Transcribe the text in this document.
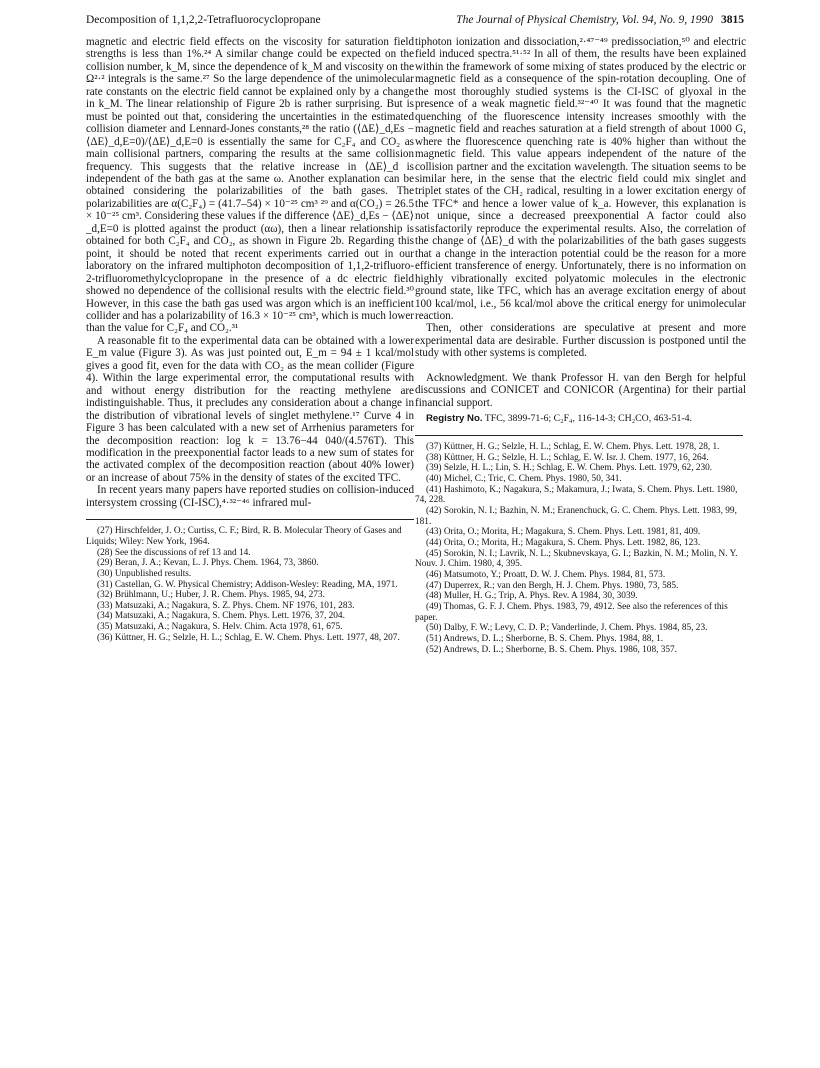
Decomposition of 1,1,2,2-Tetrafluorocyclopropane	The Journal of Physical Chemistry, Vol. 94, No. 9, 1990 3815

magnetic and electric field effects on the viscosity for saturation field strengths is less than 1%.²⁴ A similar change could be expected on the collision number, k_M, since the dependence of k_M and viscosity on the Ω²·² integrals is the same.²⁷ So the large dependence of the unimolecular rate constants on the electric field cannot be explained only by a change in k_M. The linear relationship of Figure 2b is rather surprising. But is must be pointed out that, considering the uncertainties in the estimated collision diameter and Lennard-Jones constants,²⁸ the ratio (⟨ΔE⟩_d,Es − ⟨ΔE⟩_d,E=0)/⟨ΔE⟩_d,E=0 is essentially the same for C₂F₄ and CO₂ as main collisional partners, comparing the results at the same collision frequency. This suggests that the relative increase in ⟨ΔE⟩_d is independent of the bath gas at the same ω. Another explanation can be obtained considering the polarizabilities of the bath gases. The polarizabilities are α(C₂F₄) = (41.7–54) × 10⁻²⁵ cm³ ²⁹ and α(CO₂) = 26.5 × 10⁻²⁵ cm³. Considering these values if the difference ⟨ΔE⟩_d,Es − ⟨ΔE⟩_d,E=0 is plotted against the product (αω), then a linear relationship is obtained for both C₂F₄ and CO₂, as shown in Figure 2b. Regarding this point, it should be noted that recent experiments carried out in our laboratory on the infrared multiphoton decomposition of 1,1,2-trifluoro-2-trifluoromethylcyclopropane in the presence of a dc electric field showed no dependence of the collisional results with the electric field.³⁰ However, in this case the bath gas used was argon which is an inefficient collider and has a polarizability of 16.3 × 10⁻²⁵ cm³, which is much lower than the value for C₂F₄ and CO₂.³¹

A reasonable fit to the experimental data can be obtained with a lower E_m value (Figure 3). As was just pointed out, E_m = 94 ± 1 kcal/mol gives a good fit, even for the data with CO₂ as the mean collider (Figure 4). Within the large experimental error, the computational results with and without energy distribution for the reacting methylene are indistinguishable. Thus, it precludes any consideration about a change in the distribution of vibrational levels of singlet methylene.¹⁷ Curve 4 in Figure 3 has been calculated with a new set of Arrhenius parameters for the decomposition reaction: log k = 13.76−44 040/(4.576T). This modification in the preexponential factor leads to a new sum of states for the activated complex of the decomposition reaction (about 40% lower) or an increase of about 75% in the density of states of the excited TFC.

In recent years many papers have reported studies on collision-induced intersystem crossing (CI-ISC),⁴·³²⁻⁴⁶ infrared mul-

(27) Hirschfelder, J. O.; Curtiss, C. F.; Bird, R. B. Molecular Theory of Gases and Liquids; Wiley: New York, 1964.
(28) See the discussions of ref 13 and 14.
(29) Beran, J. A.; Kevan, L. J. Phys. Chem. 1964, 73, 3860.
(30) Unpublished results.
(31) Castellan, G. W. Physical Chemistry; Addison-Wesley: Reading, MA, 1971.
(32) Brühlmann, U.; Huber, J. R. Chem. Phys. 1985, 94, 273.
(33) Matsuzaki, A.; Nagakura, S. Z. Phys. Chem. NF 1976, 101, 283.
(34) Matsuzaki, A.; Nagakura, S. Chem. Phys. Lett. 1976, 37, 204.
(35) Matsuzaki, A.; Nagakura, S. Helv. Chim. Acta 1978, 61, 675.
(36) Küttner, H. G.; Selzle, H. L.; Schlag, E. W. Chem. Phys. Lett. 1977, 48, 207.

tiphoton ionization and dissociation,²·⁴⁷⁻⁴⁹ predissociation,⁵⁰ and electric field induced spectra.⁵¹·⁵² In all of them, the results have been explained within the framework of some mixing of states produced by the electric or magnetic field as a consequence of the spin-rotation decoupling. One of the most thoroughly studied systems is the CI-ISC of glyoxal in the presence of a weak magnetic field.³²⁻⁴⁰ It was found that the magnetic quenching of the fluorescence intensity increases smoothly with the magnetic field and reaches saturation at a field strength of about 1000 G, where the fluorescence quenching rate is 40% higher than without the magnetic field. This value appears independent of the nature of the collision partner and the excitation wavelength. The situation seems to be similar here, in the sense that the electric field could mix singlet and triplet states of the CH₂ radical, resulting in a lower excitation energy of the TFC* and hence a lower value of k_a. However, this explanation is not unique, since a decreased preexponential A factor could also satisfactorily reproduce the experimental results. Also, the correlation of the change of ⟨ΔE⟩_d with the polarizabilities of the bath gases suggests that a change in the interaction potential could be the reason for a more efficient transference of energy. Unfortunately, there is no information on highly vibrationally excited polyatomic molecules in the electronic ground state, like TFC, which has an average excitation energy of about 100 kcal/mol, i.e., 56 kcal/mol above the critical energy for unimolecular reaction.

Then, other considerations are speculative at present and more experimental data are desirable. Further discussion is postponed until the study with other systems is completed.

Acknowledgment. We thank Professor H. van den Bergh for helpful discussions and CONICET and CONICOR (Argentina) for their partial financial support.
Registry No. TFC, 3899-71-6; C₂F₄, 116-14-3; CH₂CO, 463-51-4.
(37) Küttner, H. G.; Selzle, H. L.; Schlag, E. W. Chem. Phys. Lett. 1978, 28, 1.
(38) Küttner, H. G.; Selzle, H. L.; Schlag, E. W. Isr. J. Chem. 1977, 16, 264.
(39) Selzle, H. L.; Lin, S. H.; Schlag, E. W. Chem. Phys. Lett. 1979, 62, 230.
(40) Michel, C.; Tric, C. Chem. Phys. 1980, 50, 341.
(41) Hashimoto, K.; Nagakura, S.; Makamura, J.; Iwata, S. Chem. Phys. Lett. 1980, 74, 228.
(42) Sorokin, N. I.; Bazhin, N. M.; Eranenchuck, G. C. Chem. Phys. Lett. 1983, 99, 181.
(43) Orita, O.; Morita, H.; Magakura, S. Chem. Phys. Lett. 1981, 81, 409.
(44) Orita, O.; Morita, H.; Magakura, S. Chem. Phys. Lett. 1982, 86, 123.
(45) Sorokin, N. I.; Lavrik, N. L.; Skubnevskaya, G. I.; Bazkin, N. M.; Molin, N. Y. Nouv. J. Chim. 1980, 4, 395.
(46) Matsumoto, Y.; Proatt, D. W. J. Chem. Phys. 1984, 81, 573.
(47) Duperrex, R.; van den Bergh, H. J. Chem. Phys. 1980, 73, 585.
(48) Muller, H. G.; Trip, A. Phys. Rev. A 1984, 30, 3039.
(49) Thomas, G. F. J. Chem. Phys. 1983, 79, 4912. See also the references of this paper.
(50) Dalby, F. W.; Levy, C. D. P.; Vanderlinde, J. Chem. Phys. 1984, 85, 23.
(51) Andrews, D. L.; Sherborne, B. S. Chem. Phys. 1984, 88, 1.
(52) Andrews, D. L.; Sherborne, B. S. Chem. Phys. 1986, 108, 357.
